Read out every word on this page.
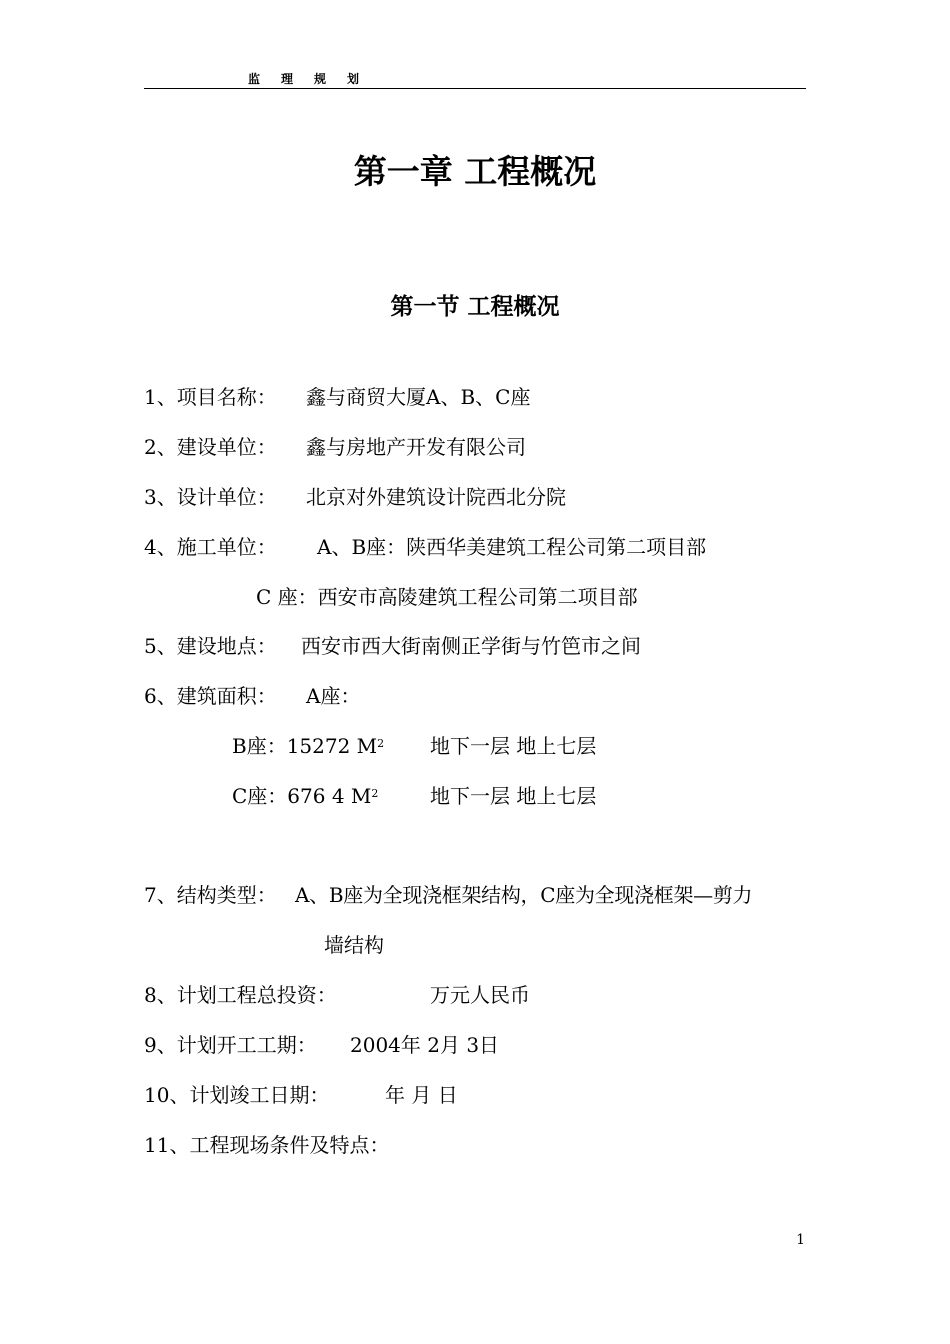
监 理 规 划
第一章 工程概况
第一节 工程概况
1、项目名称： 鑫与商贸大厦A、B、C座
2、建设单位： 鑫与房地产开发有限公司
3、设计单位： 北京对外建筑设计院西北分院
4、施工单位： A、B座：陕西华美建筑工程公司第二项目部
C 座：西安市高陵建筑工程公司第二项目部
5、建设地点： 西安市西大街南侧正学街与竹笆市之间
6、建筑面积： A座：
B座：15272 $M^2$ 地下一层 地上七层
C座：676 4 $M^2$	地下一层 地上七层
7、结构类型： A、B座为全现浇框架结构，C座为全现浇框架—剪力
墙结构
8、计划工程总投资：	万元人民币
9、计划开工工期： 2004年 2月 3日
10、计划竣工日期：	年 月 日
11、工程现场条件及特点：
1
